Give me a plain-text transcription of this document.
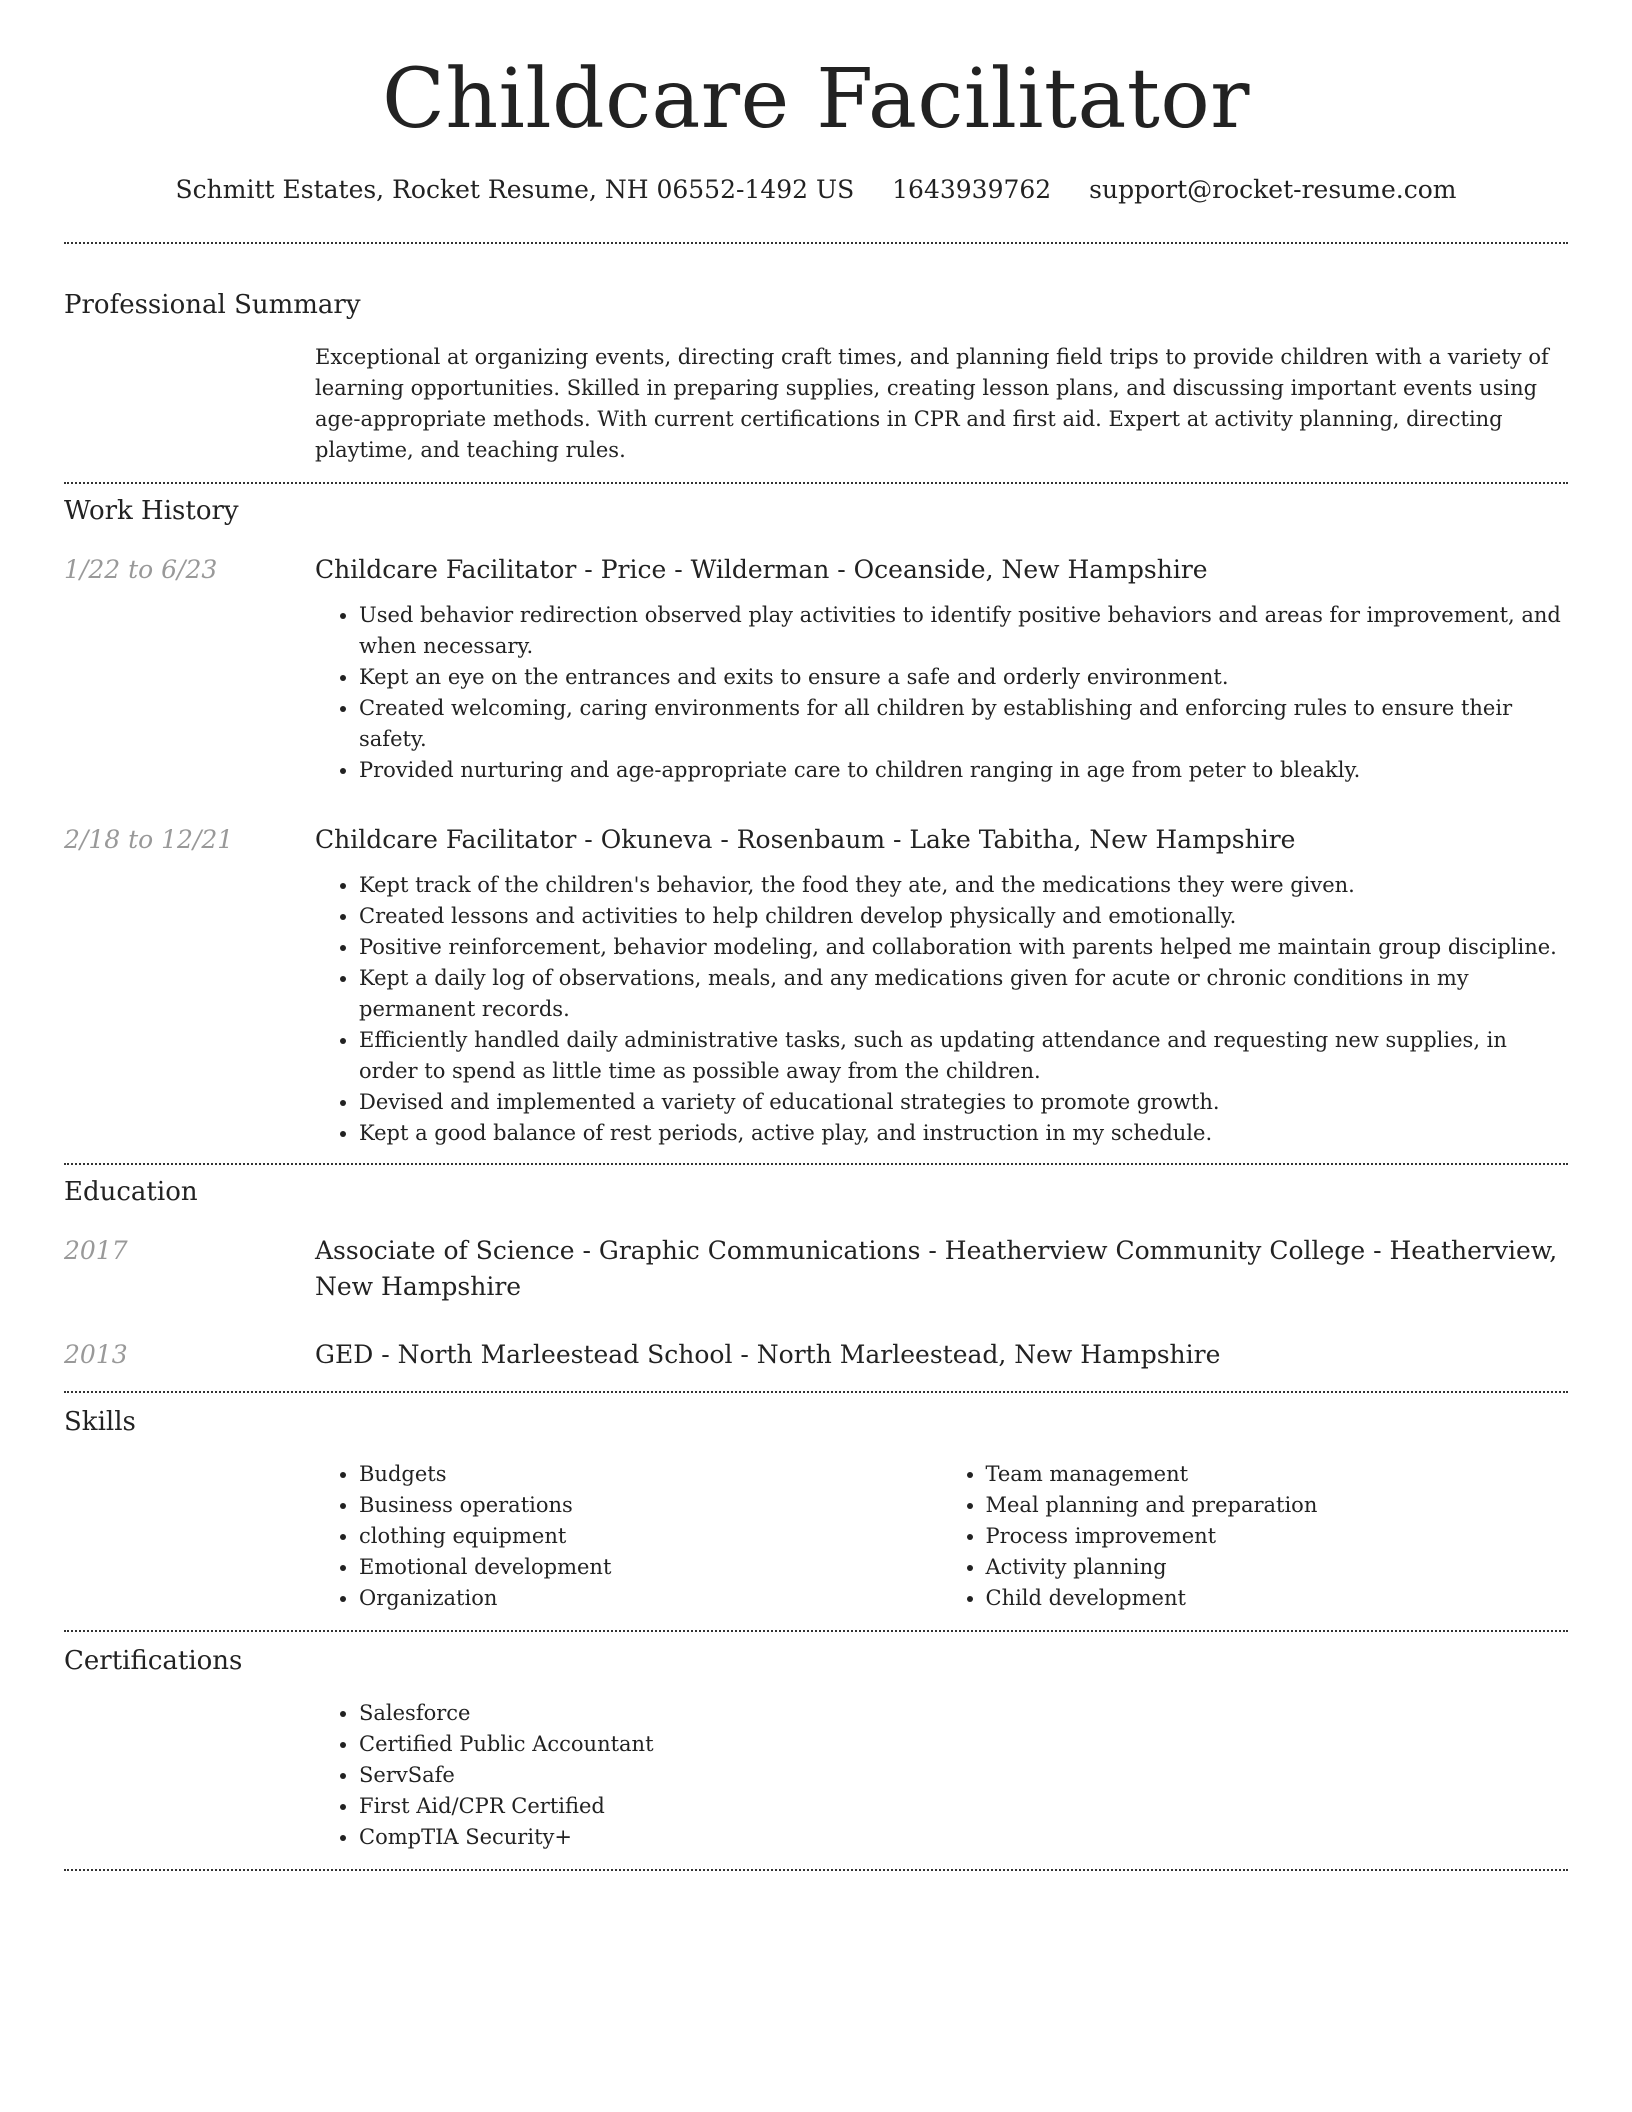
Childcare Facilitator
Schmitt Estates, Rocket Resume, NH 06552-1492 US 1643939762 support@rocket-resume.com
Professional Summary

Exceptional at organizing events, directing craft times, and planning field trips to provide children with a variety of learning opportunities. Skilled in preparing supplies, creating lesson plans, and discussing important events using age-appropriate methods. With current certifications in CPR and first aid. Expert at activity planning, directing playtime, and teaching rules.

Work History
1/22 to 6/23	Childcare Facilitator - Price - Wilderman - Oceanside, New Hampshire
• Used behavior redirection observed play activities to identify positive behaviors and areas for improvement, and when necessary.
• Kept an eye on the entrances and exits to ensure a safe and orderly environment.
• Created welcoming, caring environments for all children by establishing and enforcing rules to ensure their safety.
• Provided nurturing and age-appropriate care to children ranging in age from peter to bleakly.
2/18 to 12/21	Childcare Facilitator - Okuneva - Rosenbaum - Lake Tabitha, New Hampshire
• Kept track of the children's behavior, the food they ate, and the medications they were given.
• Created lessons and activities to help children develop physically and emotionally.
• Positive reinforcement, behavior modeling, and collaboration with parents helped me maintain group discipline.
• Kept a daily log of observations, meals, and any medications given for acute or chronic conditions in my permanent records.
• Efficiently handled daily administrative tasks, such as updating attendance and requesting new supplies, in order to spend as little time as possible away from the children.
• Devised and implemented a variety of educational strategies to promote growth.
• Kept a good balance of rest periods, active play, and instruction in my schedule.
Education
2017	Associate of Science - Graphic Communications - Heatherview Community College - Heatherview, New Hampshire
2013	GED - North Marleestead School - North Marleestead, New Hampshire
Skills
• Budgets
• Business operations
• clothing equipment
• Emotional development
• Organization
• Team management
• Meal planning and preparation
• Process improvement
• Activity planning
• Child development
Certifications
• Salesforce
• Certified Public Accountant
• ServSafe
• First Aid/CPR Certified
• CompTIA Security+
